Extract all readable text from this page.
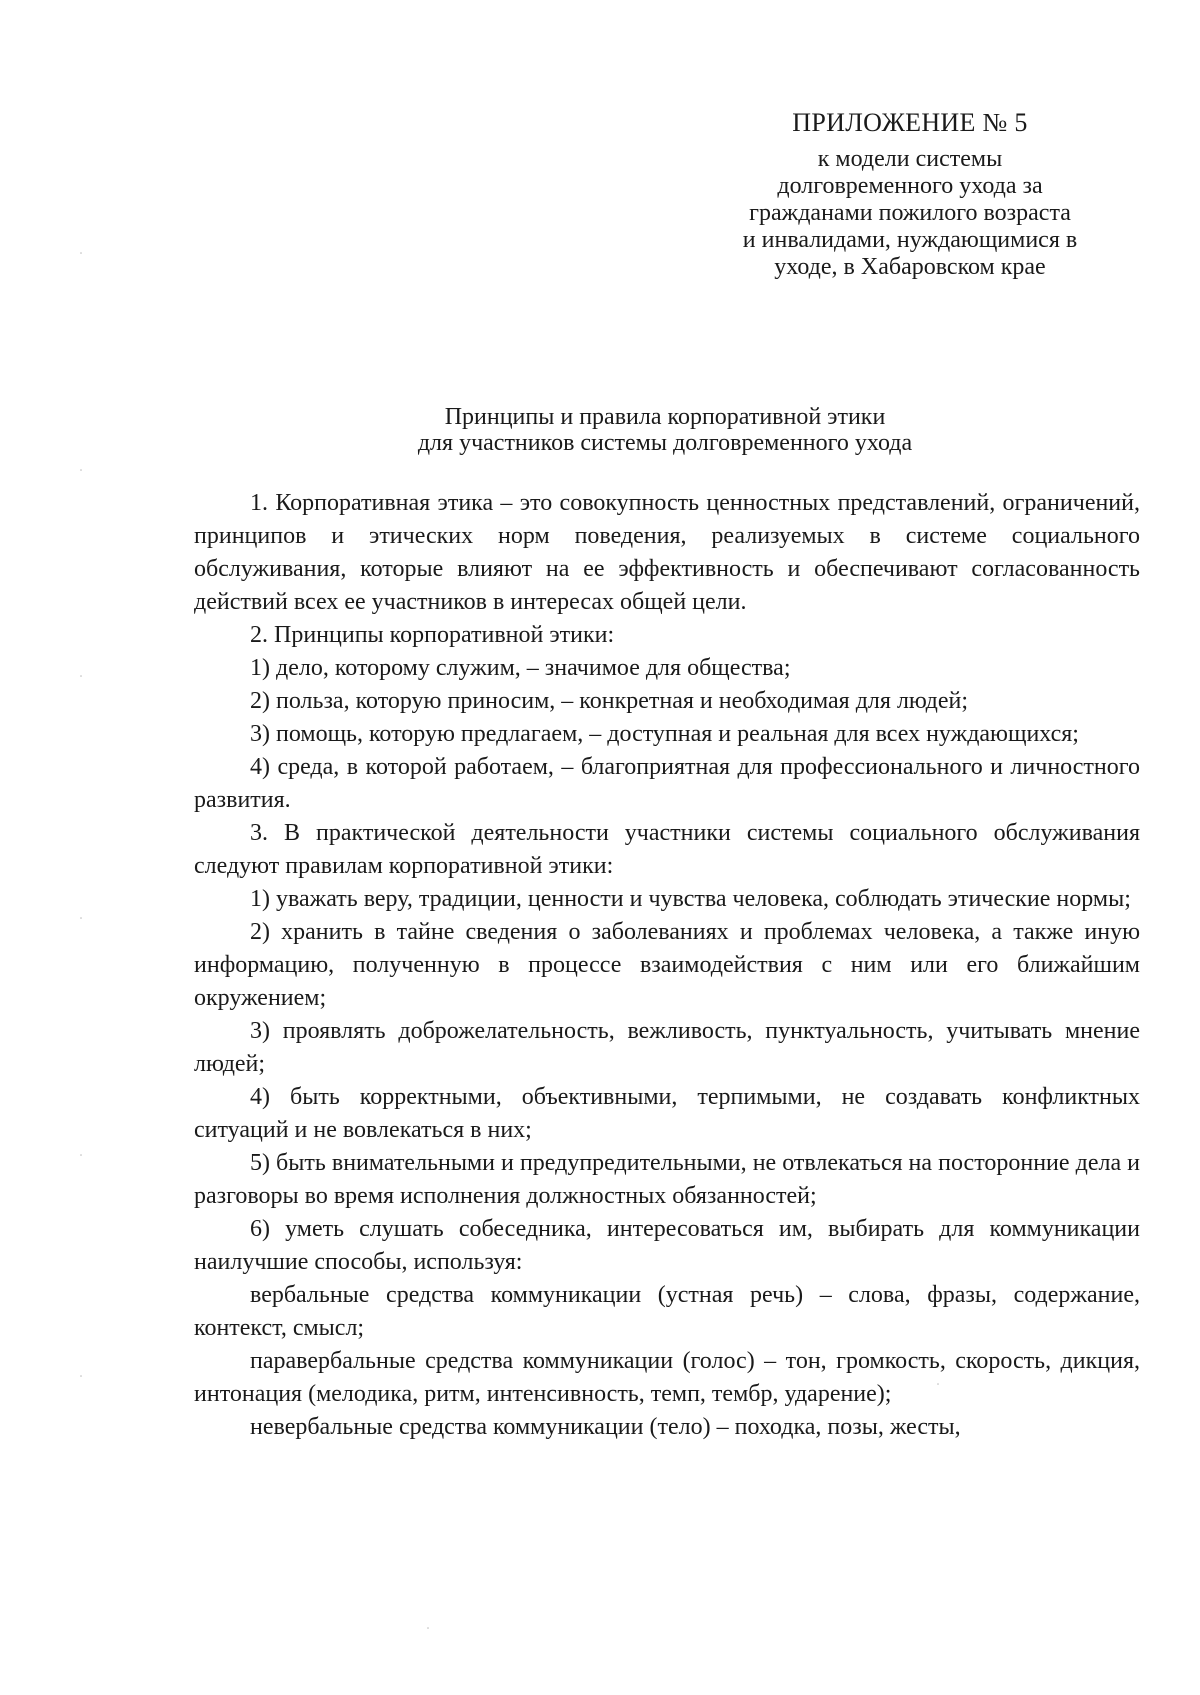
ПРИЛОЖЕНИЕ № 5
к модели системы
долговременного ухода за
гражданами пожилого возраста
и инвалидами, нуждающимися в
уходе, в Хабаровском крае
Принципы и правила корпоративной этики
для участников системы долговременного ухода

1. Корпоративная этика – это совокупность ценностных представлений, ограничений, принципов и этических норм поведения, реализуемых в системе социального обслуживания, которые влияют на ее эффективность и обеспечивают согласованность действий всех ее участников в интересах общей цели.

2. Принципы корпоративной этики:

1) дело, которому служим, – значимое для общества;

2) польза, которую приносим, – конкретная и необходимая для людей;

3) помощь, которую предлагаем, – доступная и реальная для всех нуждающихся;

4) среда, в которой работаем, – благоприятная для профессионального и личностного развития.

3. В практической деятельности участники системы социального обслуживания следуют правилам корпоративной этики:

1) уважать веру, традиции, ценности и чувства человека, соблюдать этические нормы;

2) хранить в тайне сведения о заболеваниях и проблемах человека, а также иную информацию, полученную в процессе взаимодействия с ним или его ближайшим окружением;

3) проявлять доброжелательность, вежливость, пунктуальность, учитывать мнение людей;

4) быть корректными, объективными, терпимыми, не создавать конфликтных ситуаций и не вовлекаться в них;

5) быть внимательными и предупредительными, не отвлекаться на посторонние дела и разговоры во время исполнения должностных обязанностей;

6) уметь слушать собеседника, интересоваться им, выбирать для коммуникации наилучшие способы, используя:

вербальные средства коммуникации (устная речь) – слова, фразы, содержание, контекст, смысл;

паравербальные средства коммуникации (голос) – тон, громкость, скорость, дикция, интонация (мелодика, ритм, интенсивность, темп, тембр, ударение);

невербальные средства коммуникации (тело) – походка, позы, жесты,
